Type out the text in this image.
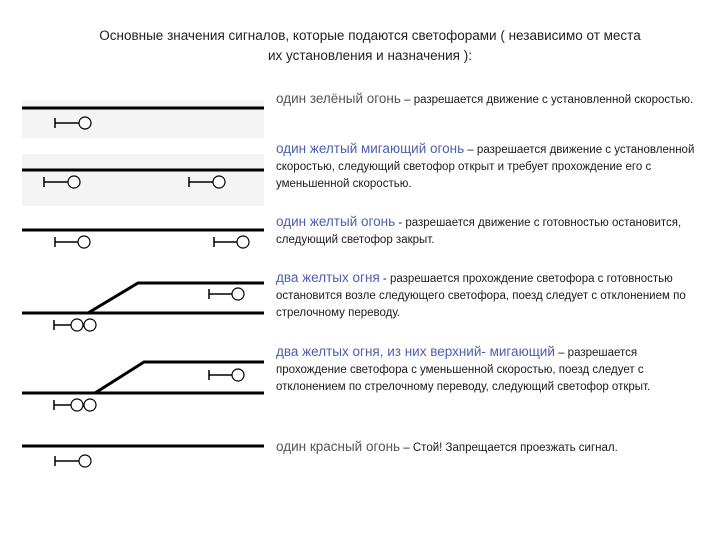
Основные значения сигналов, которые подаются светофорами ( независимо от места
их установления и назначения ):
один зелёный огонь – разрешается движение с установленной скоростью.
один желтый мигающий огонь – разрешается движение с установленной скоростью, следующий светофор открыт и требует прохождение его с уменьшенной скоростью.
один желтый огонь - разрешается движение с готовностью остановится, следующий светофор закрыт.
два желтых огня - разрешается прохождение светофора с готовностью остановится возле следующего светофора, поезд следует с отклонением по стрелочному переводу.
два желтых огня, из них верхний- мигающий – разрешается прохождение светофора с уменьшенной скоростью, поезд следует с отклонением по стрелочному переводу, следующий светофор открыт.
один красный огонь – Стой! Запрещается проезжать сигнал.
